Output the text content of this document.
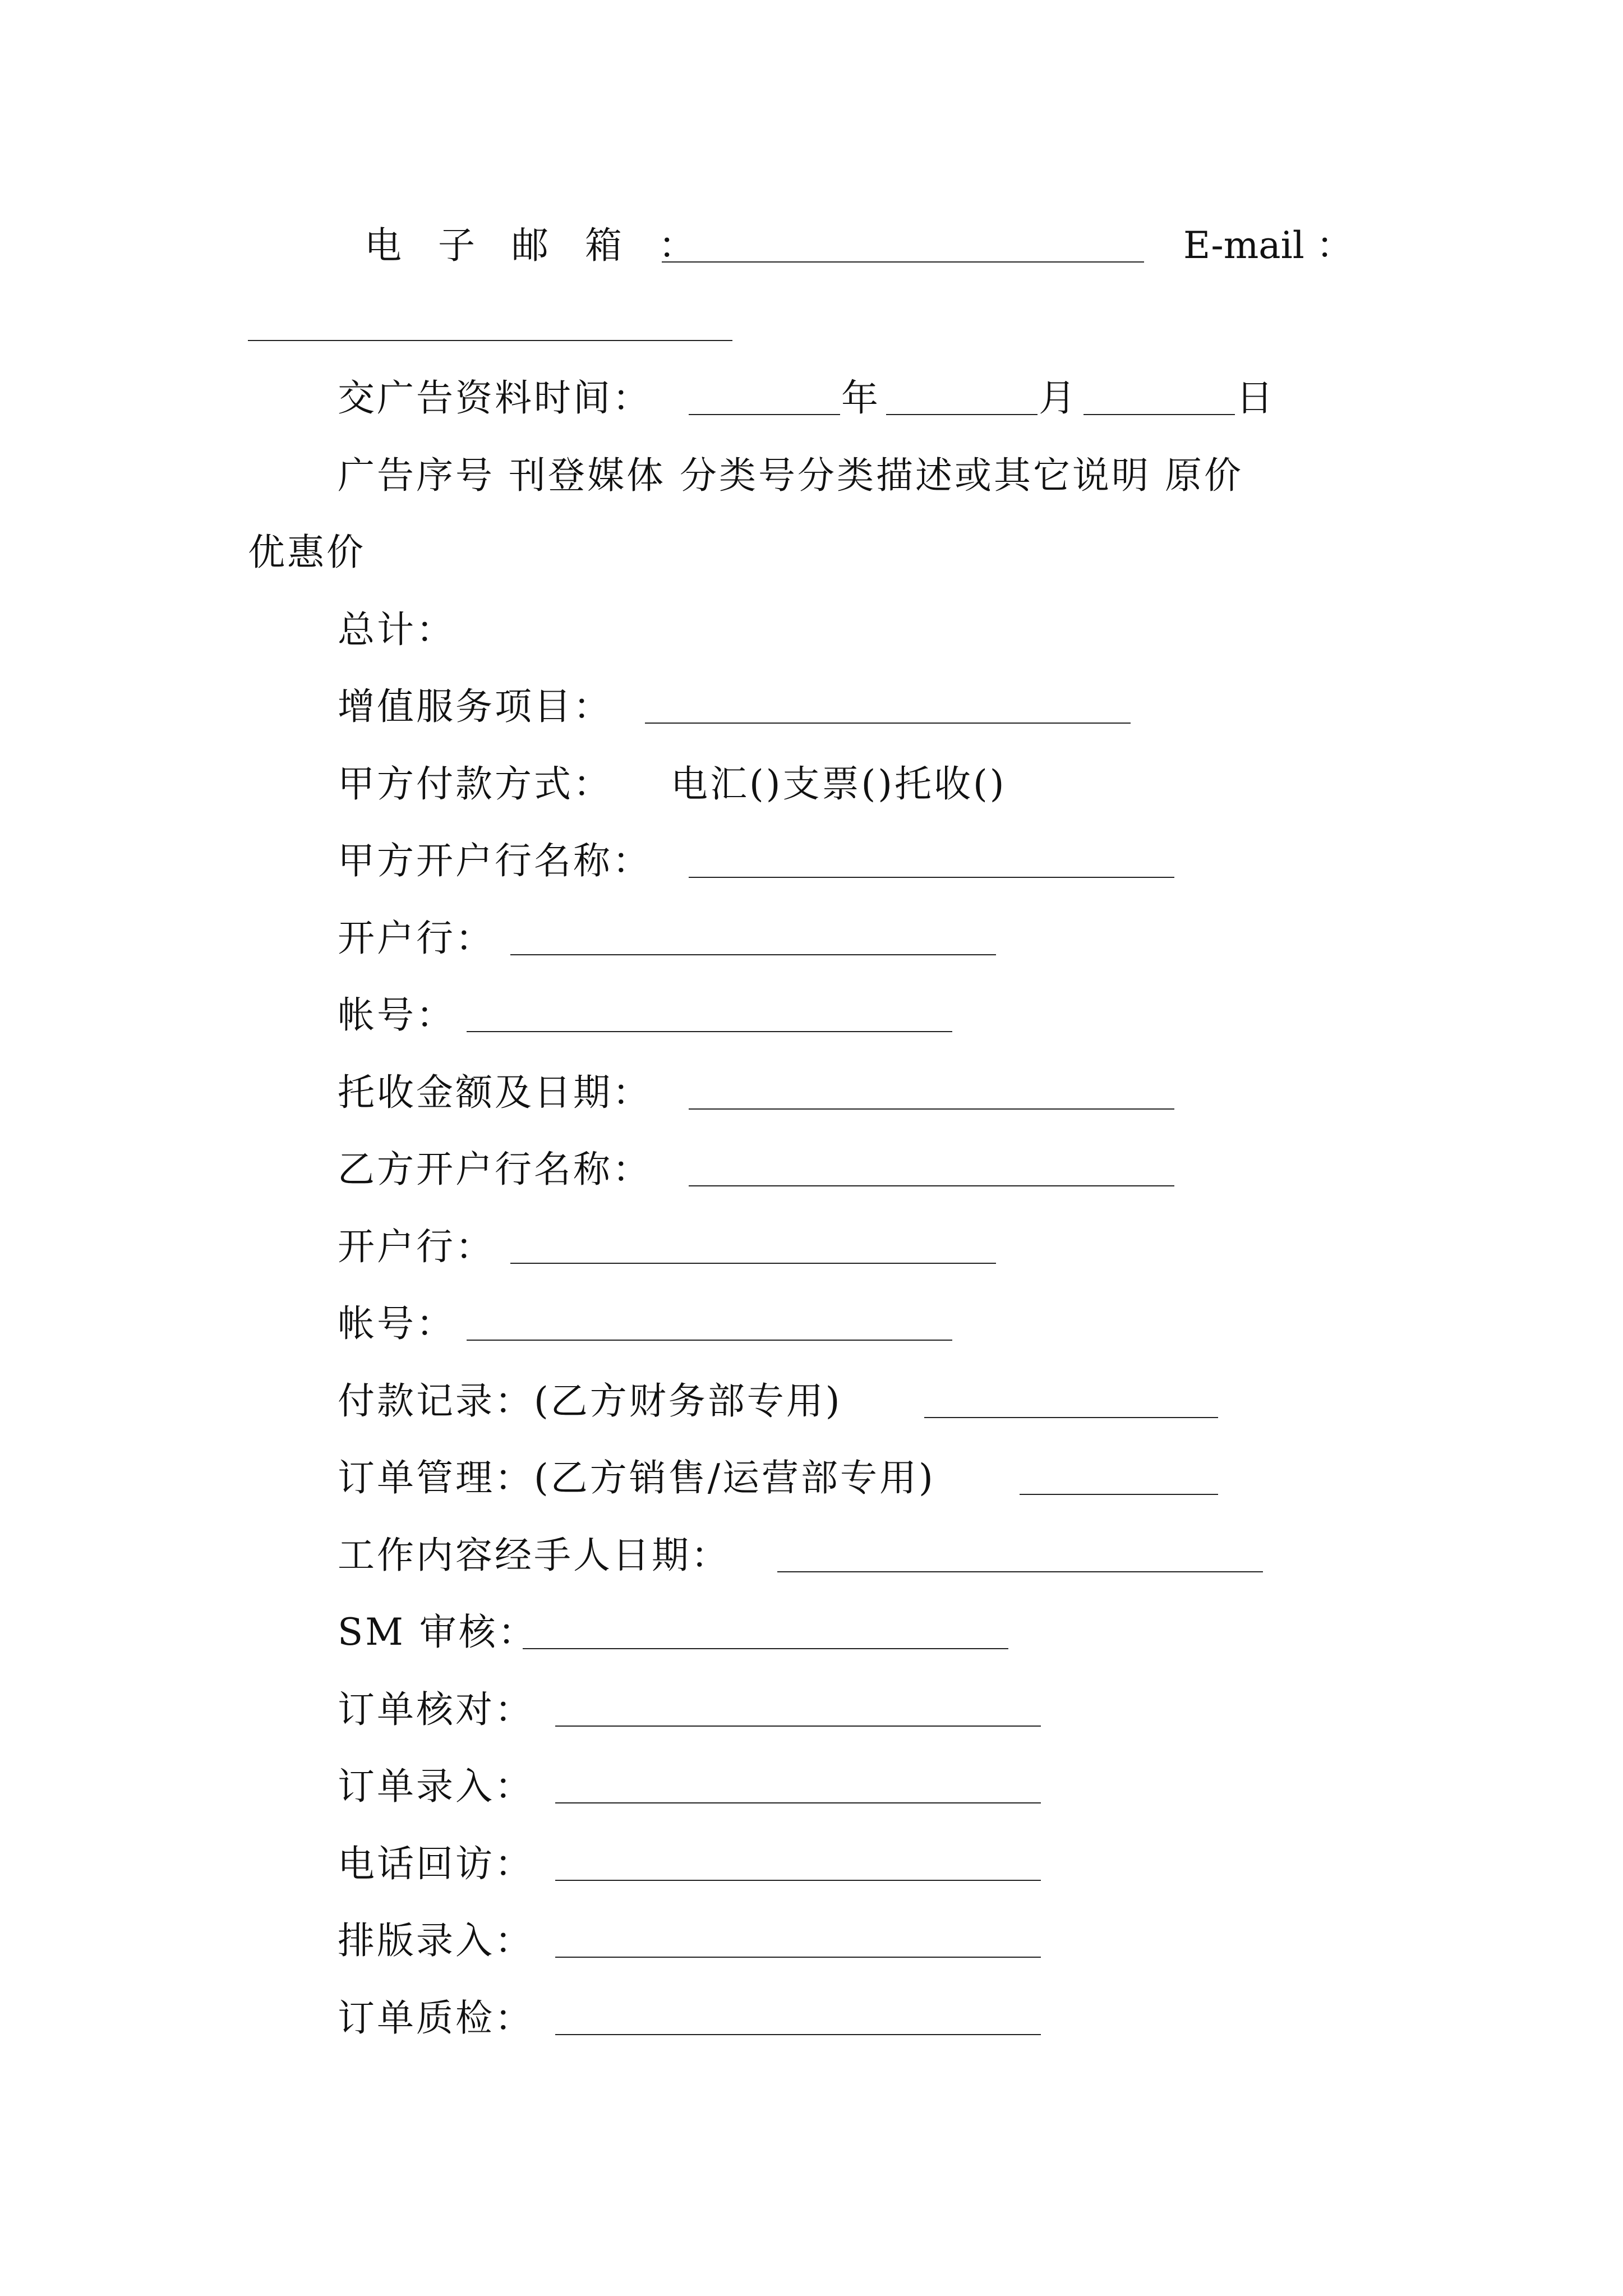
电 子 邮 箱 ：	E-mail ：
交广告资料时间：	年	月	日
广告序号 刊登媒体 分类号分类描述或其它说明 原价
优惠价
总计：
增值服务项目：
甲方付款方式： 电汇()支票()托收()
甲方开户行名称：
开户行：
帐号：
托收金额及日期：
乙方开户行名称：
开户行：
帐号：
付款记录：(乙方财务部专用)
订单管理：(乙方销售/运营部专用)
工作内容经手人日期：
SM 审核：
订单核对：
订单录入：
电话回访：
排版录入：
订单质检：
